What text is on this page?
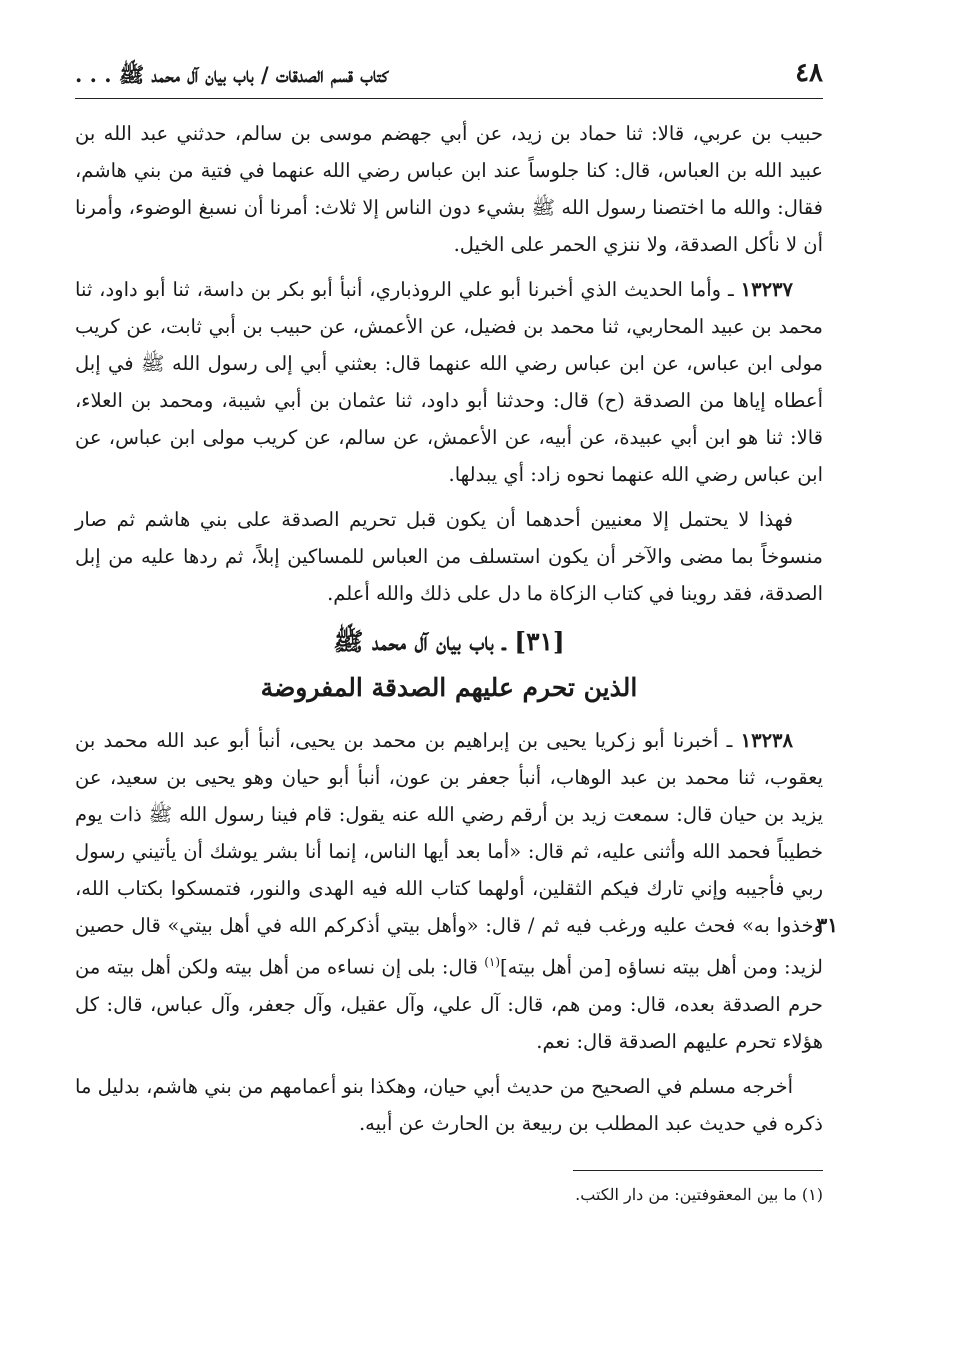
٤٨
كتاب قسم الصدقات / باب بيان آل محمد ﷺ . . .

حبيب بن عربي، قالا: ثنا حماد بن زيد، عن أبي جهضم موسى بن سالم، حدثني عبد الله بن عبيد الله بن العباس، قال: كنا جلوساً عند ابن عباس رضي الله عنهما في فتية من بني هاشم، فقال: والله ما اختصنا رسول الله ﷺ بشيء دون الناس إلا ثلاث: أمرنا أن نسبغ الوضوء، وأمرنا أن لا نأكل الصدقة، ولا ننزي الحمر على الخيل.

١٣٢٣٧ ـ وأما الحديث الذي أخبرنا أبو علي الروذباري، أنبأ أبو بكر بن داسة، ثنا أبو داود، ثنا محمد بن عبيد المحاربي، ثنا محمد بن فضيل، عن الأعمش، عن حبيب بن أبي ثابت، عن كريب مولى ابن عباس، عن ابن عباس رضي الله عنهما قال: بعثني أبي إلى رسول الله ﷺ في إبل أعطاه إياها من الصدقة (ح) قال: وحدثنا أبو داود، ثنا عثمان بن أبي شيبة، ومحمد بن العلاء، قالا: ثنا هو ابن أبي عبيدة، عن أبيه، عن الأعمش، عن سالم، عن كريب مولى ابن عباس، عن ابن عباس رضي الله عنهما نحوه زاد: أي يبدلها.

فهذا لا يحتمل إلا معنيين أحدهما أن يكون قبل تحريم الصدقة على بني هاشم ثم صار منسوخاً بما مضى والآخر أن يكون استسلف من العباس للمساكين إبلاً، ثم ردها عليه من إبل الصدقة، فقد روينا في كتاب الزكاة ما دل على ذلك والله أعلم.

[٣١] ـ باب بيان آل محمد ﷺ
الذين تحرم عليهم الصدقة المفروضة

٣١
١٣٢٣٨ ـ أخبرنا أبو زكريا يحيى بن إبراهيم بن محمد بن يحيى، أنبأ أبو عبد الله محمد بن يعقوب، ثنا محمد بن عبد الوهاب، أنبأ جعفر بن عون، أنبأ أبو حيان وهو يحيى بن سعيد، عن يزيد بن حيان قال: سمعت زيد بن أرقم رضي الله عنه يقول: قام فينا رسول الله ﷺ ذات يوم خطيباً فحمد الله وأثنى عليه، ثم قال: «أما بعد أيها الناس، إنما أنا بشر يوشك أن يأتيني رسول ربي فأجيبه وإني تارك فيكم الثقلين، أولهما كتاب الله فيه الهدى والنور، فتمسكوا بكتاب الله، وخذوا به» فحث عليه ورغب فيه ثم / قال: «وأهل بيتي أذكركم الله في أهل بيتي» قال حصين لزيد: ومن أهل بيته نساؤه [من أهل بيته]$^{(١)}$ قال: بلى إن نساءه من أهل بيته ولكن أهل بيته من حرم الصدقة بعده، قال: ومن هم، قال: آل علي، وآل عقيل، وآل جعفر، وآل عباس، قال: كل هؤلاء تحرم عليهم الصدقة قال: نعم.

أخرجه مسلم في الصحيح من حديث أبي حيان، وهكذا بنو أعمامهم من بني هاشم، بدليل ما ذكره في حديث عبد المطلب بن ربيعة بن الحارث عن أبيه.

(١) ما بين المعقوفتين: من دار الكتب.
